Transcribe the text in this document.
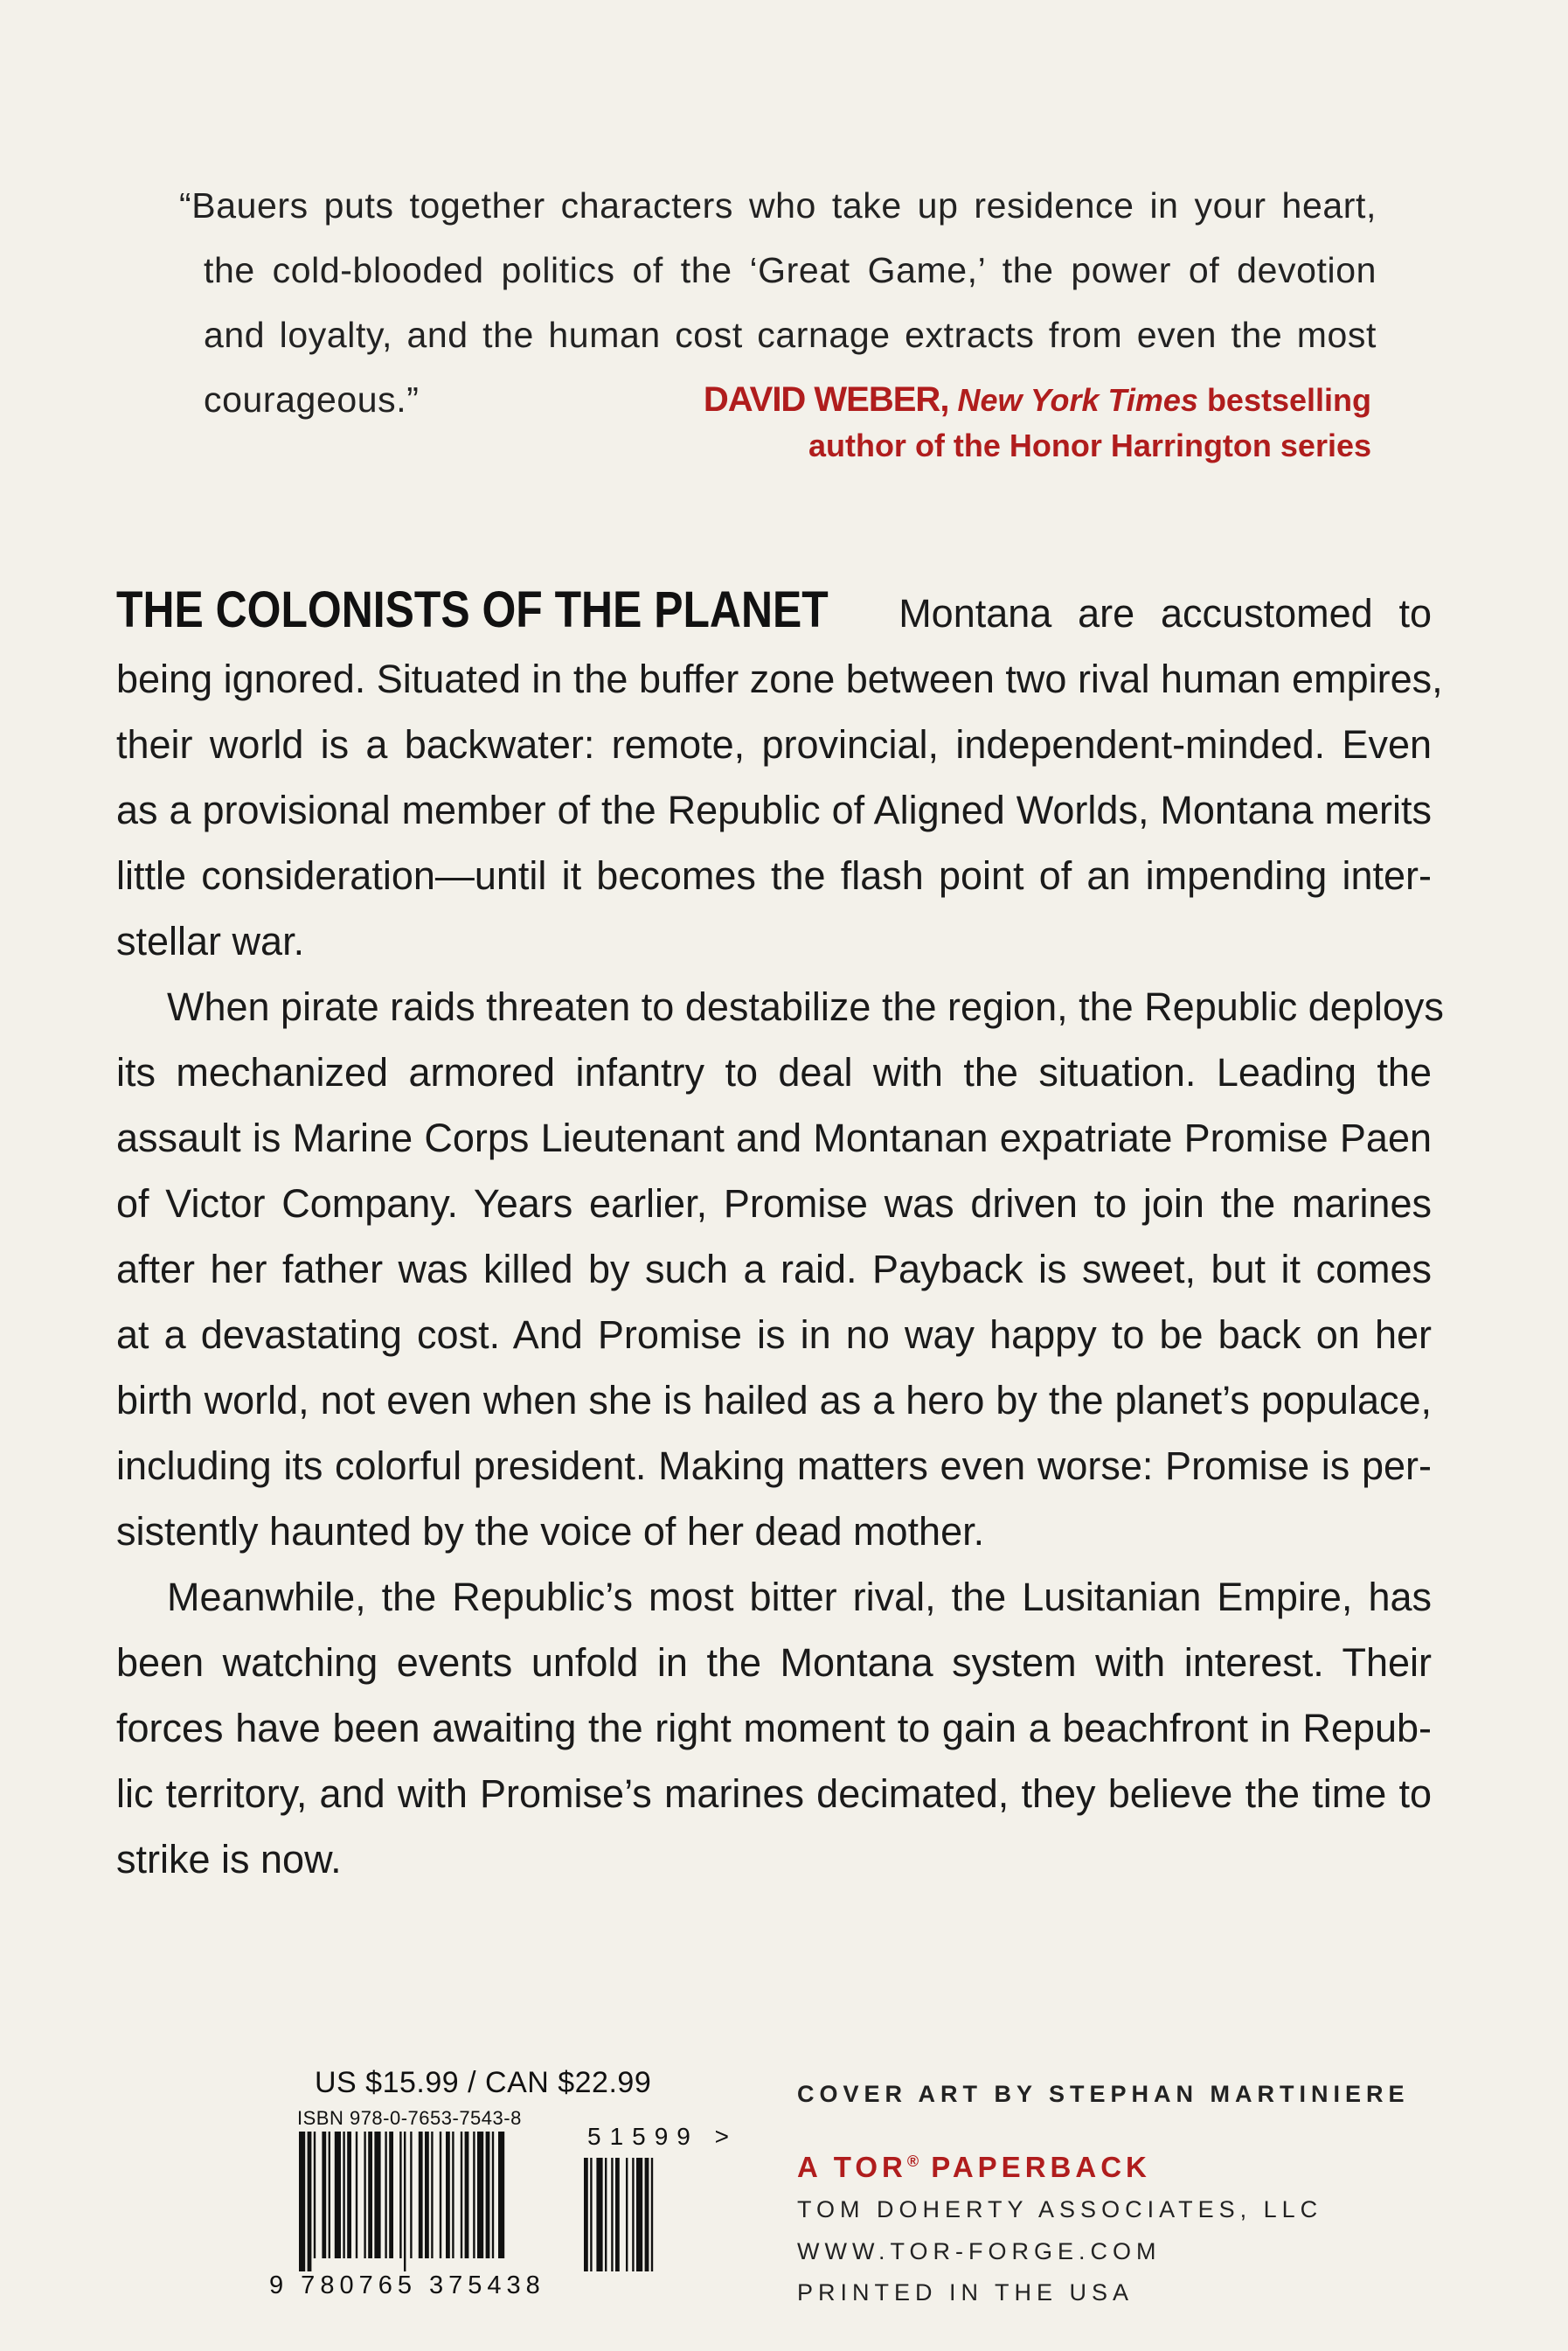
“Bauers puts together characters who take up residence in your heart,
the cold-blooded politics of the ‘Great Game,’ the power of devotion
and loyalty, and the human cost carnage extracts from even the most
courageous.”	DAVID WEBER, New York Times bestselling
author of the Honor Harrington series

THE COLONISTS OF THE PLANET Montana are accustomed to
being ignored. Situated in the buffer zone between two rival human empires,
their world is a backwater: remote, provincial, independent-minded. Even
as a provisional member of the Republic of Aligned Worlds, Montana merits
little consideration—until it becomes the flash point of an impending inter-
stellar war.

When pirate raids threaten to destabilize the region, the Republic deploys
its mechanized armored infantry to deal with the situation. Leading the
assault is Marine Corps Lieutenant and Montanan expatriate Promise Paen
of Victor Company. Years earlier, Promise was driven to join the marines
after her father was killed by such a raid. Payback is sweet, but it comes
at a devastating cost. And Promise is in no way happy to be back on her
birth world, not even when she is hailed as a hero by the planet’s populace,
including its colorful president. Making matters even worse: Promise is per-
sistently haunted by the voice of her dead mother.

Meanwhile, the Republic’s most bitter rival, the Lusitanian Empire, has
been watching events unfold in the Montana system with interest. Their
forces have been awaiting the right moment to gain a beachfront in Repub-
lic territory, and with Promise’s marines decimated, they believe the time to
strike is now.

US $15.99 / CAN $22.99
ISBN 978-0-7653-7543-8
51599 >
9 780765 375438
COVER ART BY STEPHAN MARTINIERE
A TOR® PAPERBACK
TOM DOHERTY ASSOCIATES, LLC
WWW.TOR-FORGE.COM
PRINTED IN THE USA
